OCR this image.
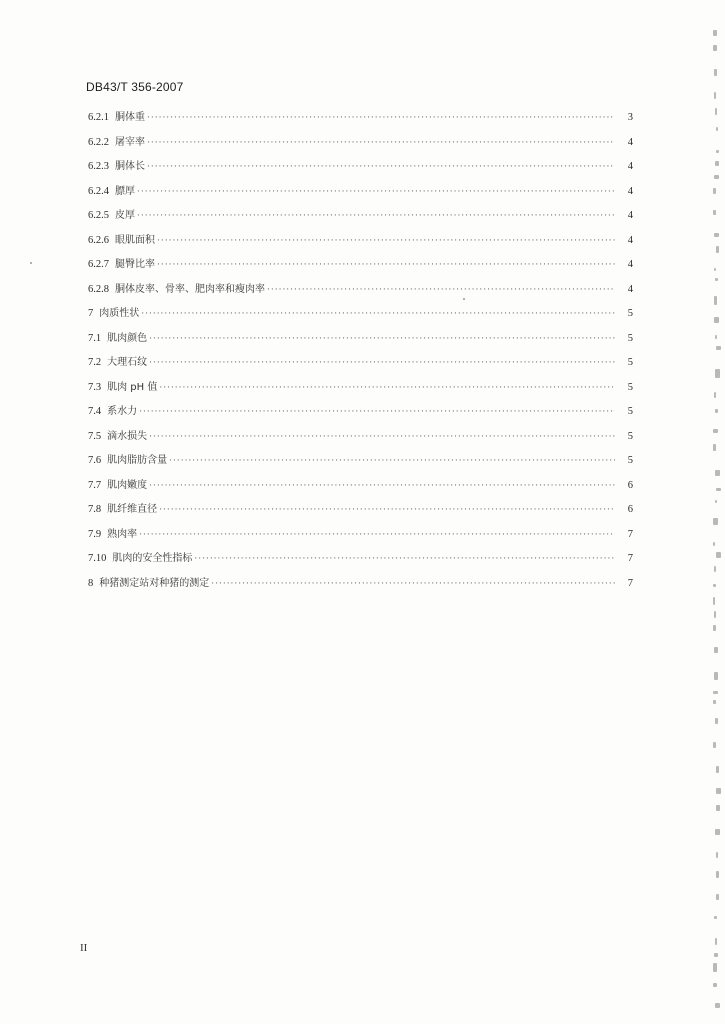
DB43/T 356-2007
6.2.1 胴体重 ·····	3
6.2.2 屠宰率 ·····	4
6.2.3 胴体长 ·····	4
6.2.4 膘厚 ·····	4
6.2.5 皮厚 ·····	4
6.2.6 眼肌面积 ·····	4
6.2.7 腿臀比率 ·····	4
6.2.8 胴体皮率、骨率、肥肉率和瘦肉率 ·····	4
7 肉质性状 ·····	5
7.1 肌肉颜色 ·····	5
7.2 大理石纹 ·····	5
7.3 肌肉 pH 值 ·····	5
7.4 系水力 ·····	5
7.5 滴水损失 ·····	5
7.6 肌肉脂肪含量 ·····	5
7.7 肌肉嫩度 ·····	6
7.8 肌纤维直径 ·····	6
7.9 熟肉率 ·····	7
7.10 肌肉的安全性指标 ·····	7
8 种猪测定站对种猪的测定 ·····	7
II
